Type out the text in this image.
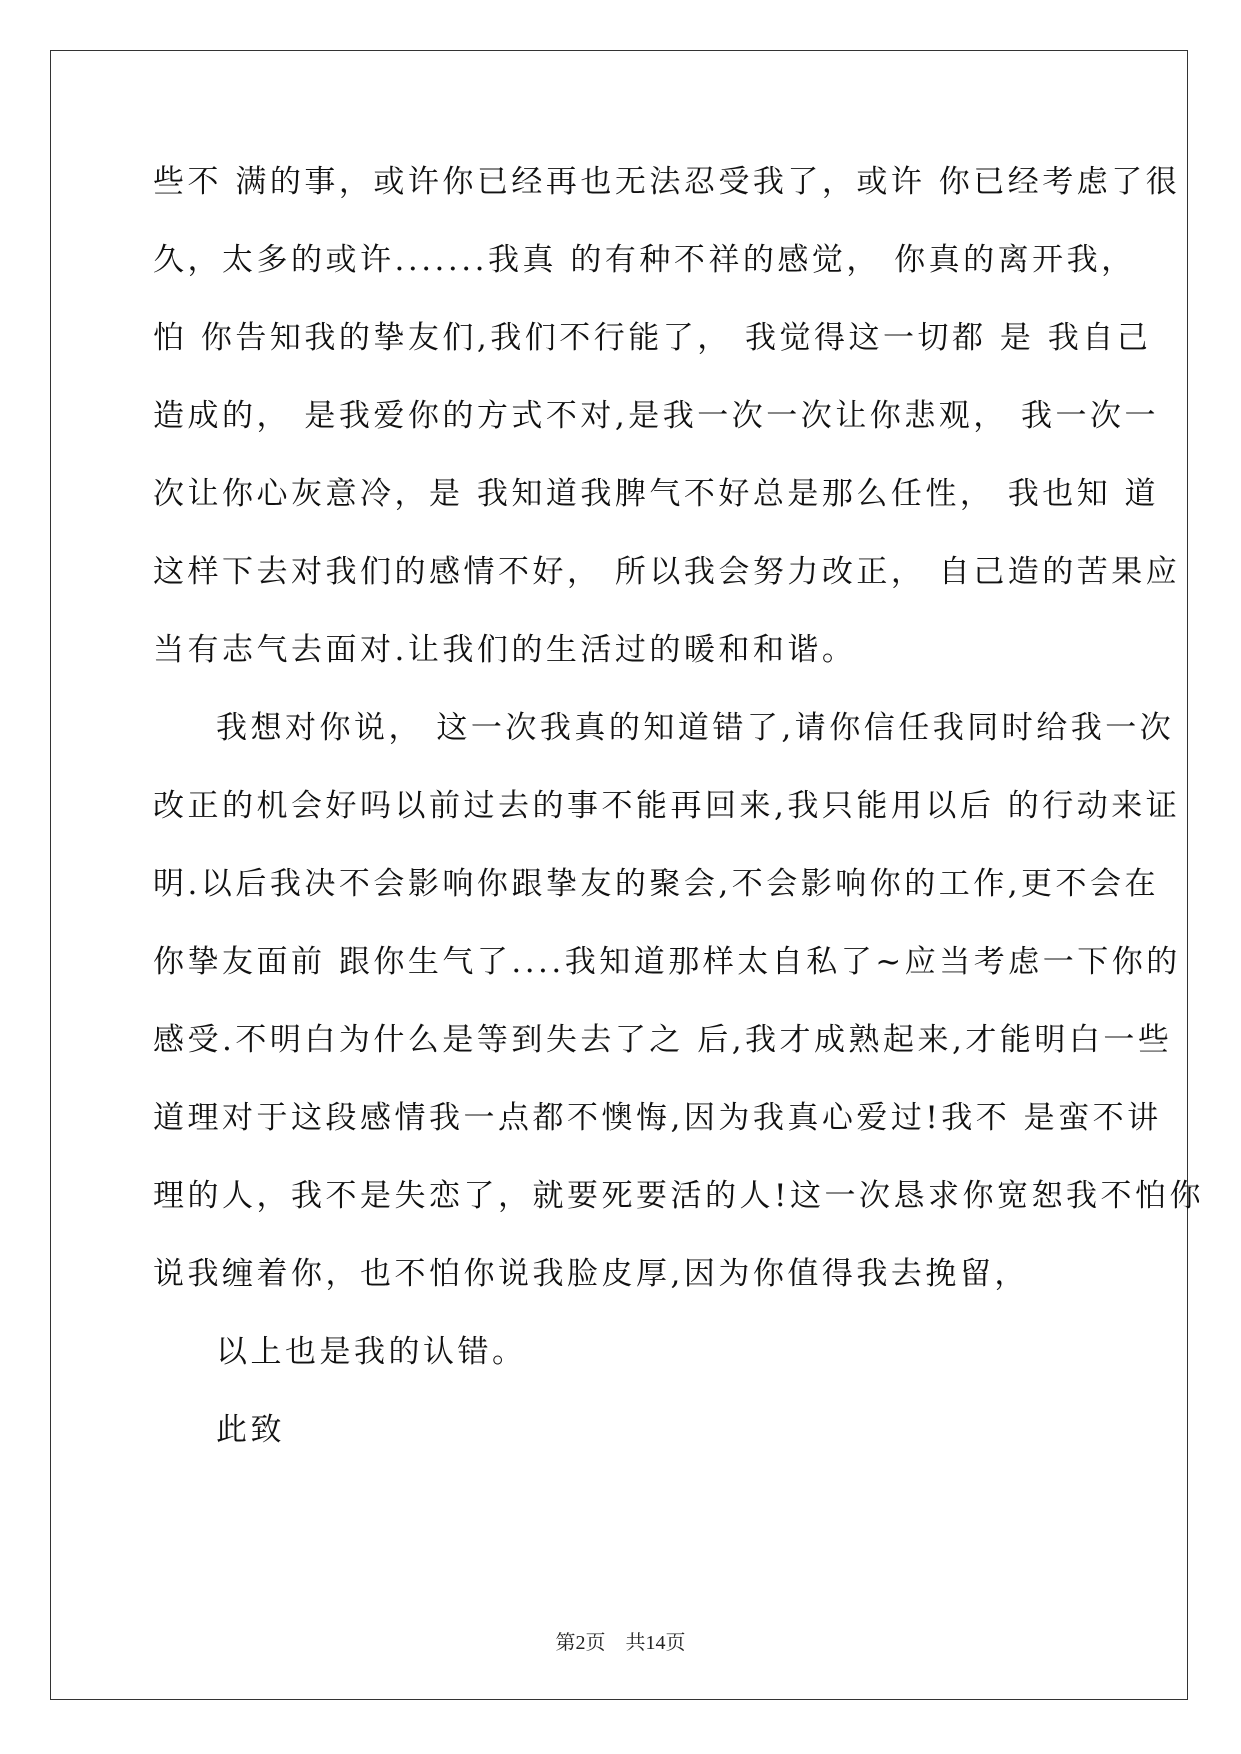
些不 满的事，或许你已经再也无法忍受我了，或许 你已经考虑了很
久，太多的或许.......我真 的有种不祥的感觉， 你真的离开我，
怕 你告知我的挚友们,我们不行能了， 我觉得这一切都 是 我自己
造成的， 是我爱你的方式不对,是我一次一次让你悲观， 我一次一
次让你心灰意冷，是 我知道我脾气不好总是那么任性， 我也知 道
这样下去对我们的感情不好， 所以我会努力改正， 自己造的苦果应
当有志气去面对.让我们的生活过的暖和和谐。
我想对你说， 这一次我真的知道错了,请你信任我同时给我一次
改正的机会好吗以前过去的事不能再回来,我只能用以后 的行动来证
明.以后我决不会影响你跟挚友的聚会,不会影响你的工作,更不会在
你挚友面前 跟你生气了....我知道那样太自私了~应当考虑一下你的
感受.不明白为什么是等到失去了之 后,我才成熟起来,才能明白一些
道理对于这段感情我一点都不懊悔,因为我真心爱过!我不 是蛮不讲
理的人，我不是失恋了，就要死要活的人!这一次恳求你宽恕我不怕你
说我缠着你，也不怕你说我脸皮厚,因为你值得我去挽留，
以上也是我的认错。
此致
第2页　共14页
